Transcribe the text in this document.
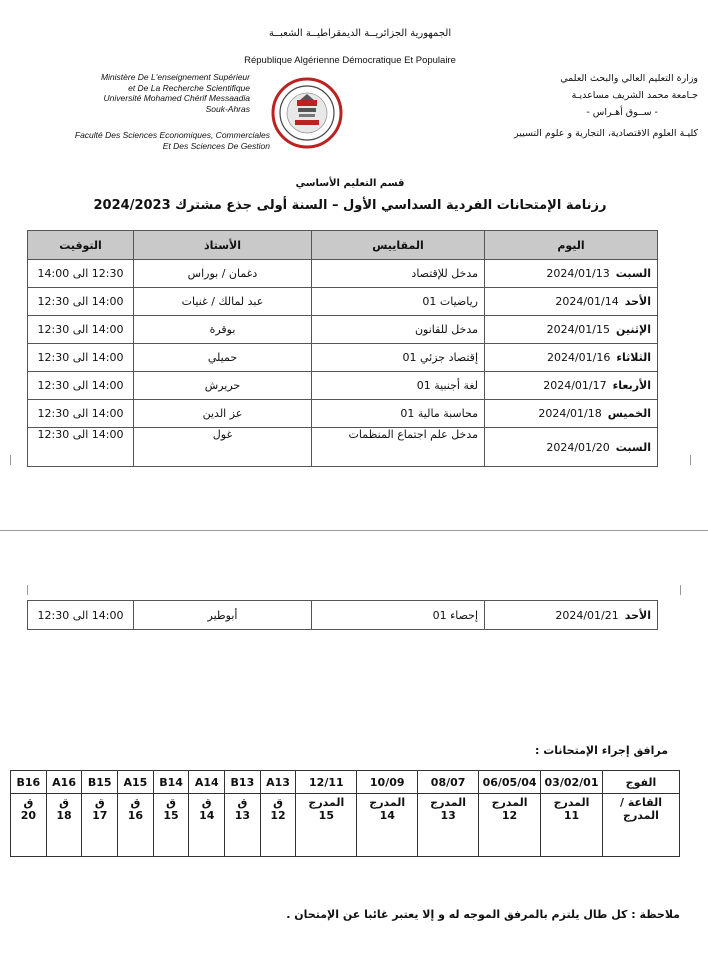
الجمهورية الجزائريــة الديمقراطيــة الشعبــة
République Algérienne Démocratique Et Populaire
Ministère De L'enseignement Supérieur
et De La Recherche Scientifique
Université Mohamed Chérif Messaadia
Souk-Ahras
Faculté Des Sciences Economiques, Commerciales
Et Des Sciences De Gestion
وزارة التعليم العالي والبحث العلمي
جـامعة محمد الشريف مساعديـة
- ســوق أهـراس -
كليـة العلوم الاقتصادية، التجارية و علوم التسيير
قسم التعليم الأساسي
رزنامة الإمتحانات الفردية السداسي الأول – السنة أولى جذع مشترك 2024/2023
اليوم	المقاييس	الأستاذ	التوقيت
السبت2024/01/13	مدخل للإقتصاد	دغمان / بوراس	12:30 الى 14:00
الأحد2024/01/14	رياضيات 01	عبد لمالك / غنيات	14:00 الى 12:30
الإثنين2024/01/15	مدخل للقانون	بوقرة	14:00 الى 12:30
الثلاثاء2024/01/16	إقتصاد جزئي 01	حميلي	14:00 الى 12:30
الأربعاء2024/01/17	لغة أجنبية 01	حريرش	14:00 الى 12:30
الخميس2024/01/18	محاسبة مالية 01	عز الدين	14:00 الى 12:30
السبت2024/01/20	مدخل علم اجتماع المنظمات	غول	14:00 الى 12:30
الأحد2024/01/21	إحصاء 01	أبوطير	14:00 الى 12:30
مرافق إجراء الإمتحانات :
الفوج	03/02/01	06/05/04	08/07	10/09	12/11	A13	B13	A14	B14	A15	B15	A16	B16
القاعة / المدرج	المدرج 11	المدرج 12	المدرج 13	المدرج 14	المدرج 15	ق 12	ق 13	ق 14	ق 15	ق 16	ق 17	ق 18	ق 20
ملاحظة : كل طال يلتزم بالمرفق الموجه له و إلا يعتبر غائبا عن الإمتحان .
